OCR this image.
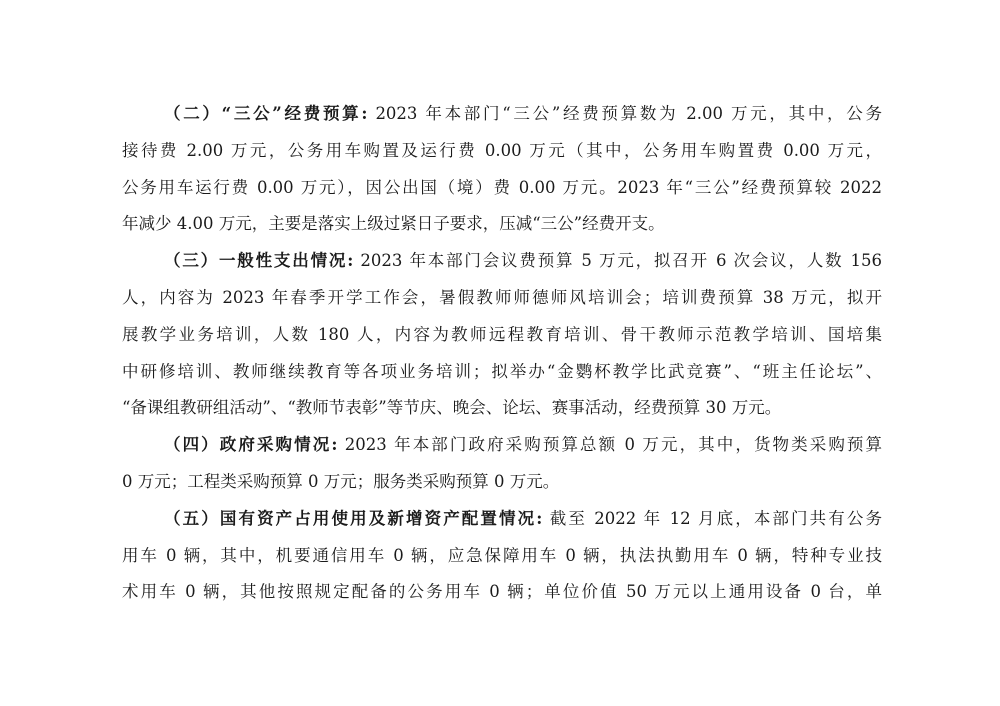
（二）“三公”经费预算: 2023 年本部门“三公”经费预算数为 2.00 万元，其中，公务
接待费 2.00 万元，公务用车购置及运行费 0.00 万元（其中，公务用车购置费 0.00 万元，
公务用车运行费 0.00 万元），因公出国（境）费 0.00 万元。2023 年“三公”经费预算较 2022
年减少 4.00 万元，主要是落实上级过紧日子要求，压减“三公”经费开支。
（三）一般性支出情况: 2023 年本部门会议费预算 5 万元，拟召开 6 次会议，人数 156
人，内容为 2023 年春季开学工作会，暑假教师师德师风培训会；培训费预算 38 万元，拟开
展教学业务培训，人数 180 人，内容为教师远程教育培训、骨干教师示范教学培训、国培集
中研修培训、教师继续教育等各项业务培训；拟举办“金鹦杯教学比武竞赛”、“班主任论坛”、
“备课组教研组活动”、“教师节表彰”等节庆、晚会、论坛、赛事活动，经费预算 30 万元。
（四）政府采购情况: 2023 年本部门政府采购预算总额 0 万元，其中，货物类采购预算
0 万元；工程类采购预算 0 万元；服务类采购预算 0 万元。
（五）国有资产占用使用及新增资产配置情况: 截至 2022 年 12 月底，本部门共有公务
用车 0 辆，其中，机要通信用车 0 辆，应急保障用车 0 辆，执法执勤用车 0 辆，特种专业技
术用车 0 辆，其他按照规定配备的公务用车 0 辆；单位价值 50 万元以上通用设备 0 台，单
